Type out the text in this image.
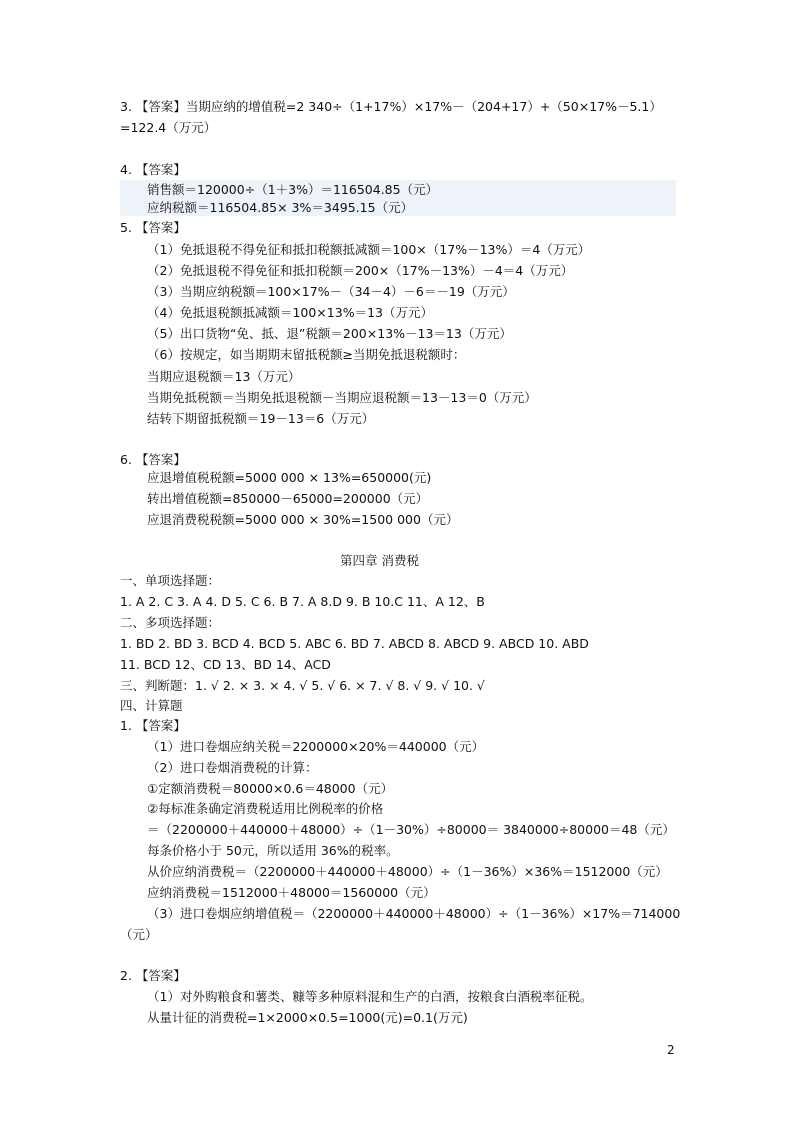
3. 【答案】当期应纳的增值税=2 340÷（1+17%）×17%－（204+17）+（50×17%－5.1）
=122.4（万元）
4. 【答案】
销售额＝120000÷（1＋3%）＝116504.85（元）
应纳税额＝116504.85× 3%＝3495.15（元）
5. 【答案】
（1）免抵退税不得免征和抵扣税额抵减额＝100×（17%－13%）＝4（万元）
（2）免抵退税不得免征和抵扣税额＝200×（17%－13%）－4＝4（万元）
（3）当期应纳税额＝100×17%－（34－4）－6＝－19（万元）
（4）免抵退税额抵减额＝100×13%＝13（万元）
（5）出口货物“免、抵、退”税额＝200×13%－13＝13（万元）
（6）按规定，如当期期末留抵税额≥当期免抵退税额时：
当期应退税额＝13（万元）
当期免抵税额＝当期免抵退税额－当期应退税额＝13－13＝0（万元）
结转下期留抵税额＝19－13＝6（万元）
6. 【答案】
应退增值税税额=5000 000 × 13%=650000(元)
转出增值税额=850000－65000=200000（元）
应退消费税税额=5000 000 × 30%=1500 000（元）
第四章 消费税
一、单项选择题：
1. A 2. C 3. A 4. D 5. C 6. B 7. A 8.D 9. B 10.C 11、A 12、B
二、多项选择题：
1. BD 2. BD 3. BCD 4. BCD 5. ABC 6. BD 7. ABCD 8. ABCD 9. ABCD 10. ABD
11. BCD 12、CD 13、BD 14、ACD
三、判断题：1. √ 2. × 3. × 4. √ 5. √ 6. × 7. √ 8. √ 9. √ 10. √
四、计算题
1. 【答案】
（1）进口卷烟应纳关税＝2200000×20%＝440000（元）
（2）进口卷烟消费税的计算：
①定额消费税＝80000×0.6＝48000（元）
②每标准条确定消费税适用比例税率的价格
＝（2200000＋440000＋48000）÷（1－30%）÷80000＝ 3840000÷80000＝48（元）
每条价格小于 50元，所以适用 36%的税率。
从价应纳消费税＝（2200000＋440000＋48000）÷（1－36%）×36%＝1512000（元）
应纳消费税＝1512000＋48000＝1560000（元）
（3）进口卷烟应纳增值税＝（2200000＋440000＋48000）÷（1－36%）×17%＝714000
（元）
2. 【答案】
（1）对外购粮食和薯类、糠等多种原料混和生产的白酒，按粮食白酒税率征税。
从量计征的消费税=1×2000×0.5=1000(元)=0.1(万元)
2
